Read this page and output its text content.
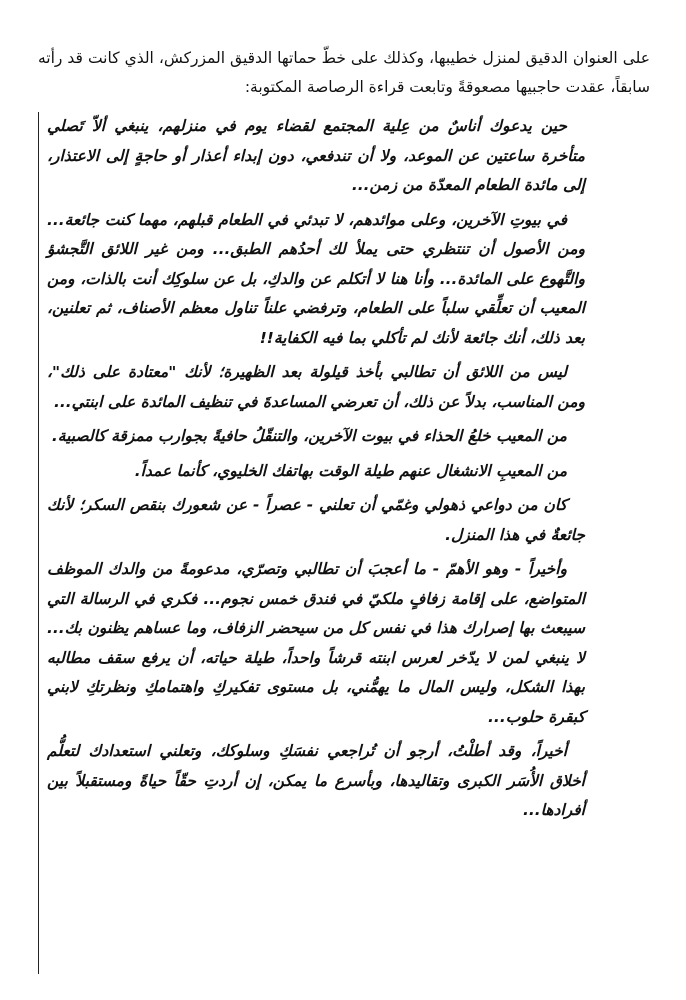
على العنوان الدقيق لمنزل خطيبها، وكذلك على خطّ حماتها الدقيق المزركش، الذي كانت قد رأته سابقاً، عقدت حاجبيها مصعوقةً وتابعت قراءة الرصاصة المكتوبة:

حين يدعوك أناسٌ من عِلية المجتمع لقضاء يوم في منزلهم، ينبغي ألاّ تَصلي متأخرة ساعتين عن الموعد، ولا أن تندفعي، دون إبداء أعذار أو حاجةٍ إلى الاعتذار، إلى مائدة الطعام المعدّة من زمن...

في بيوتِ الآخرين، وعلى موائدهم، لا تبدئي في الطعام قبلهم، مهما كنت جائعة... ومن الأصول أن تنتظري حتى يملأ لك أحدُهم الطبق... ومن غير اللائق التَّجشؤ والتَّهوع على المائدة... وأنا هنا لا أتكلم عن والدكِ، بل عن سلوكِك أنت بالذات، ومن المعيب أن تعلِّقي سلباً على الطعام، وترفضي علناً تناول معظم الأصناف، ثم تعلنين، بعد ذلك، أنك جائعة لأنك لم تأكلي بما فيه الكفاية!!

ليس من اللائق أن تطالبي بأخذ قيلولة بعد الظهيرة؛ لأنك "معتادة على ذلك"، ومن المناسب، بدلاً عن ذلك، أن تعرضي المساعدةَ في تنظيف المائدة على ابنتي...

من المعيب خلعُ الحذاء في بيوت الآخرين، والتنقّلُ حافيةً بجوارب ممزقة كالصبية.

من المعيبِ الانشغال عنهم طيلة الوقت بهاتفك الخليوي، كأنما عمداً.

كان من دواعي ذهولي وغمّي أن تعلني - عصراً - عن شعورك بنقص السكر؛ لأنك جائعةٌ في هذا المنزل.

وأخيراً - وهو الأهمّ - ما أعجبَ أن تطالبي وتصرّي، مدعومةً من والدك الموظف المتواضع، على إقامة زفافٍ ملكيّ في فندق خمس نجوم... فكري في الرسالة التي سيبعث بها إصرارك هذا في نفس كل من سيحضر الزفاف، وما عساهم يظنون بك... لا ينبغي لمن لا يدّخر لعرس ابنته قرشاً واحداً، طيلة حياته، أن يرفع سقف مطالبه بهذا الشكل، وليس المال ما يهمُّني، بل مستوى تفكيركِ واهتمامكِ ونظرتكِ لابني كبقرة حلوب...

أخيراً، وقد أطلْتُ، أرجو أن تُراجعي نفسَكِ وسلوكك، وتعلني استعدادك لتعلُّم أخلاق الأُسَر الكبرى وتقاليدها، وبأسرع ما يمكن، إن أردتِ حقّاً حياةً ومستقبلاً بين أفرادها...
